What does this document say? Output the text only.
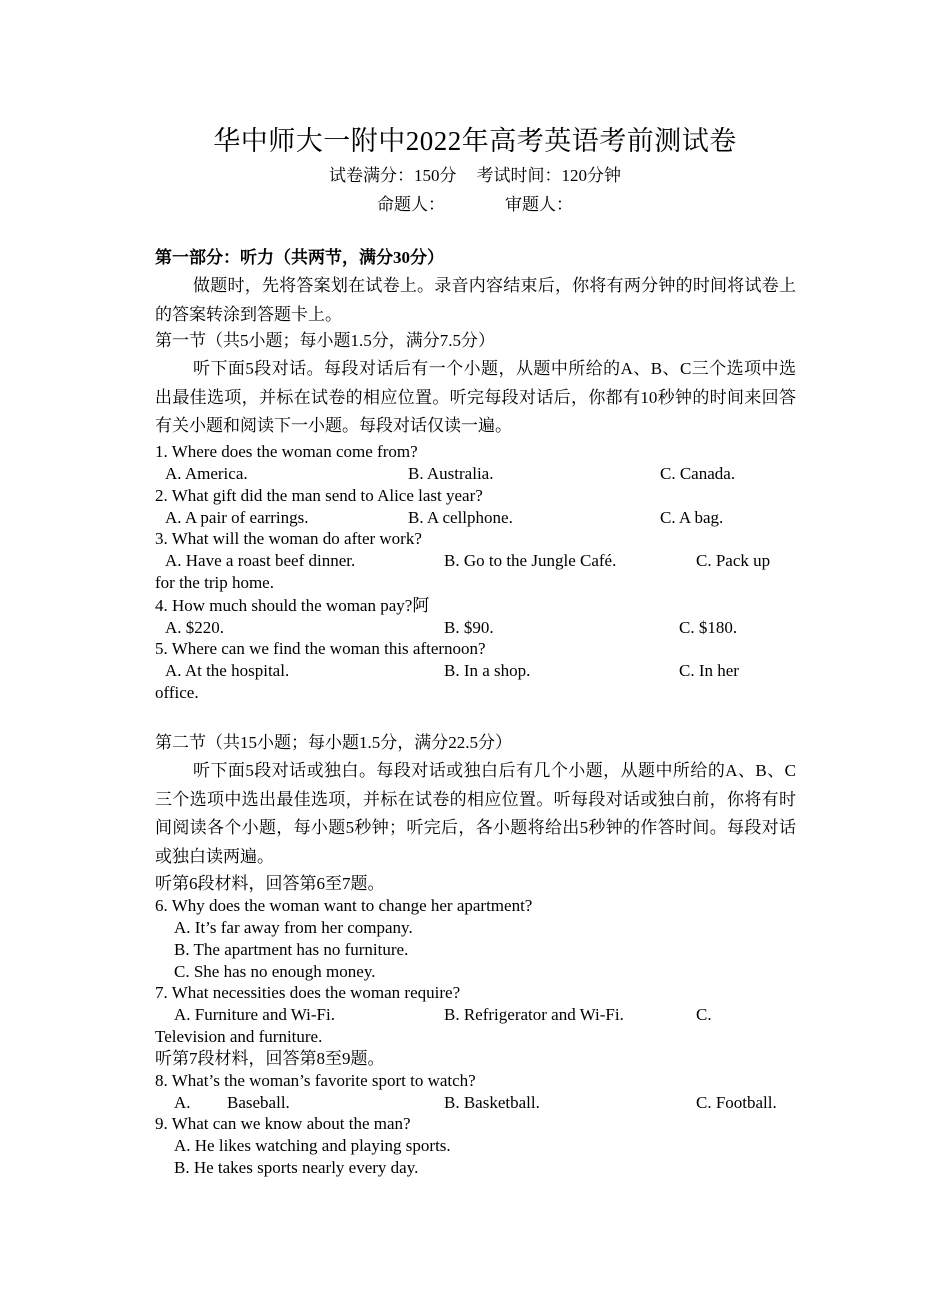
华中师大一附中2022年高考英语考前测试卷
试卷满分：150分 考试时间：120分钟
命题人：	审题人：
第一部分：听力（共两节，满分30分）
做题时，先将答案划在试卷上。录音内容结束后，你将有两分钟的时间将试卷上的答案转涂到答题卡上。
第一节（共5小题；每小题1.5分，满分7.5分）
听下面5段对话。每段对话后有一个小题，从题中所给的A、B、C三个选项中选出最佳选项，并标在试卷的相应位置。听完每段对话后，你都有10秒钟的时间来回答有关小题和阅读下一小题。每段对话仅读一遍。
1. Where does the woman come from?
A. America.	B. Australia.	C. Canada.
2. What gift did the man send to Alice last year?
A. A pair of earrings.	B. A cellphone.	C. A bag.
3. What will the woman do after work?
A. Have a roast beef dinner.	B. Go to the Jungle Café.	C. Pack up
for the trip home.
4. How much should the woman pay?阿
A. $220.	B. $90.	C. $180.
5. Where can we find the woman this afternoon?
A. At the hospital.	B. In a shop.	C. In her
office.
第二节（共15小题；每小题1.5分，满分22.5分）
听下面5段对话或独白。每段对话或独白后有几个小题，从题中所给的A、B、C三个选项中选出最佳选项，并标在试卷的相应位置。听每段对话或独白前，你将有时间阅读各个小题，每小题5秒钟；听完后，各小题将给出5秒钟的作答时间。每段对话或独白读两遍。
听第6段材料，回答第6至7题。
6. Why does the woman want to change her apartment?
A. It’s far away from her company.
B. The apartment has no furniture.
C. She has no enough money.
7. What necessities does the woman require?
A. Furniture and Wi-Fi.	B. Refrigerator and Wi-Fi.	C.
Television and furniture.
听第7段材料，回答第8至9题。
8. What’s the woman’s favorite sport to watch?
A. Baseball.	B. Basketball.	C. Football.
9. What can we know about the man?
A. He likes watching and playing sports.
B. He takes sports nearly every day.
